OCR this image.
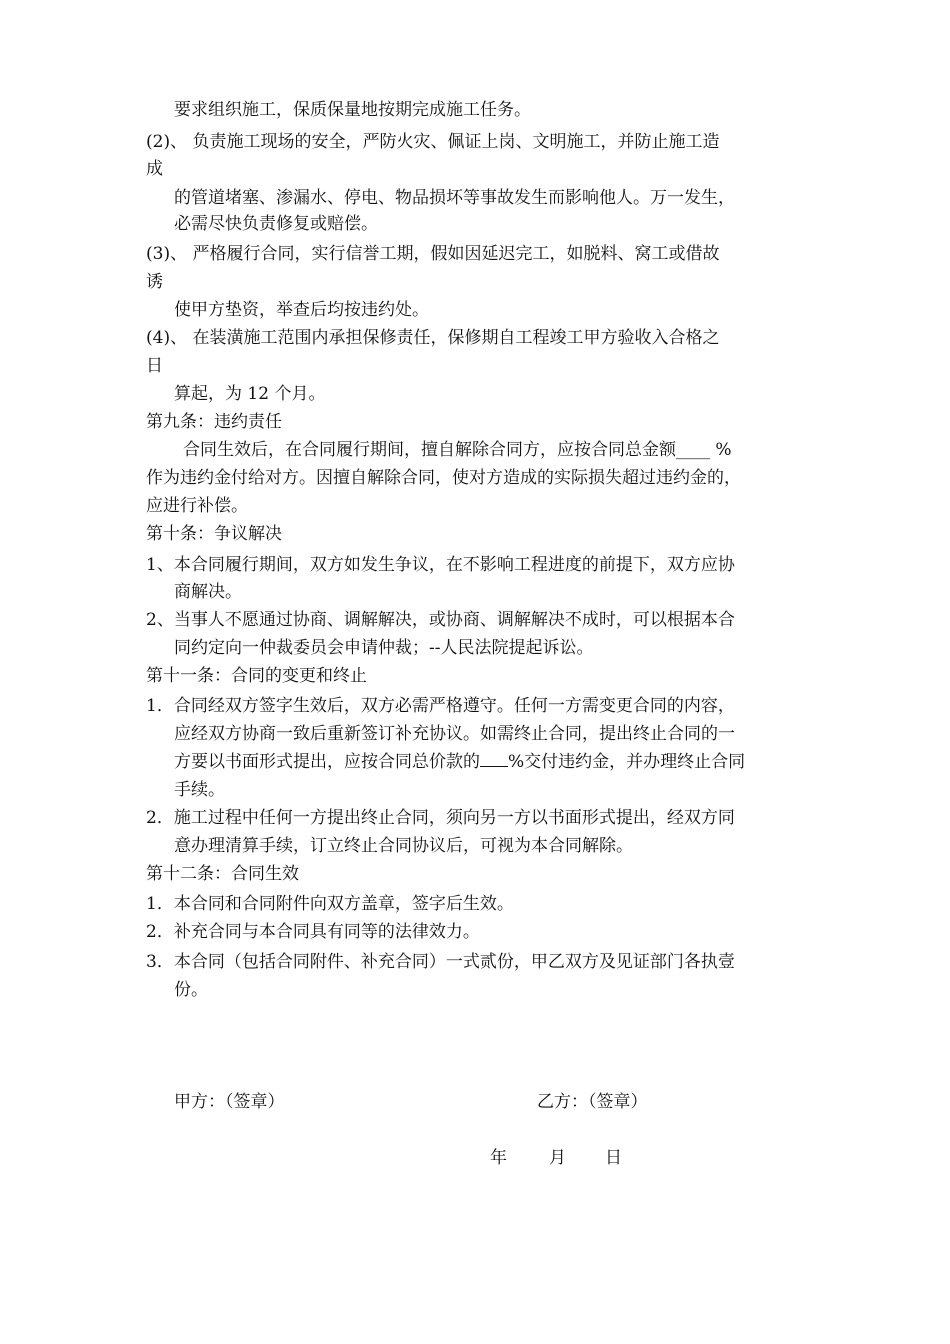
要求组织施工，保质保量地按期完成施工任务。
(2)、 负责施工现场的安全，严防火灾、佩证上岗、文明施工，并防止施工造
成
的管道堵塞、渗漏水、停电、物品损坏等事故发生而影响他人。万一发生，
必需尽快负责修复或赔偿。
(3)、 严格履行合同，实行信誉工期，假如因延迟完工，如脱料、窝工或借故
诱
使甲方垫资，举查后均按违约处。
(4)、 在装潢施工范围内承担保修责任，保修期自工程竣工甲方验收入合格之
日
算起，为 12 个月。
第九条：违约责任
合同生效后，在合同履行期间，擅自解除合同方，应按合同总金额____ %
作为违约金付给对方。因擅自解除合同，使对方造成的实际损失超过违约金的，
应进行补偿。
第十条：争议解决
1、本合同履行期间，双方如发生争议，在不影响工程进度的前提下，双方应协
商解决。
2、当事人不愿通过协商、调解解决，或协商、调解解决不成时，可以根据本合
同约定向一仲裁委员会申请仲裁；--人民法院提起诉讼。
第十一条：合同的变更和终止
1．合同经双方签字生效后，双方必需严格遵守。任何一方需变更合同的内容，
应经双方协商一致后重新签订补充协议。如需终止合同，提出终止合同的一
方要以书面形式提出，应按合同总价款的 %交付违约金，并办理终止合同
手续。
2．施工过程中任何一方提出终止合同，须向另一方以书面形式提出，经双方同
意办理清算手续，订立终止合同协议后，可视为本合同解除。
第十二条：合同生效
1．本合同和合同附件向双方盖章，签字后生效。
2．补充合同与本合同具有同等的法律效力。
3．本合同（包括合同附件、补充合同）一式贰份，甲乙双方及见证部门各执壹
份。
甲方：（签章）	乙方：（签章）
年 月 日
